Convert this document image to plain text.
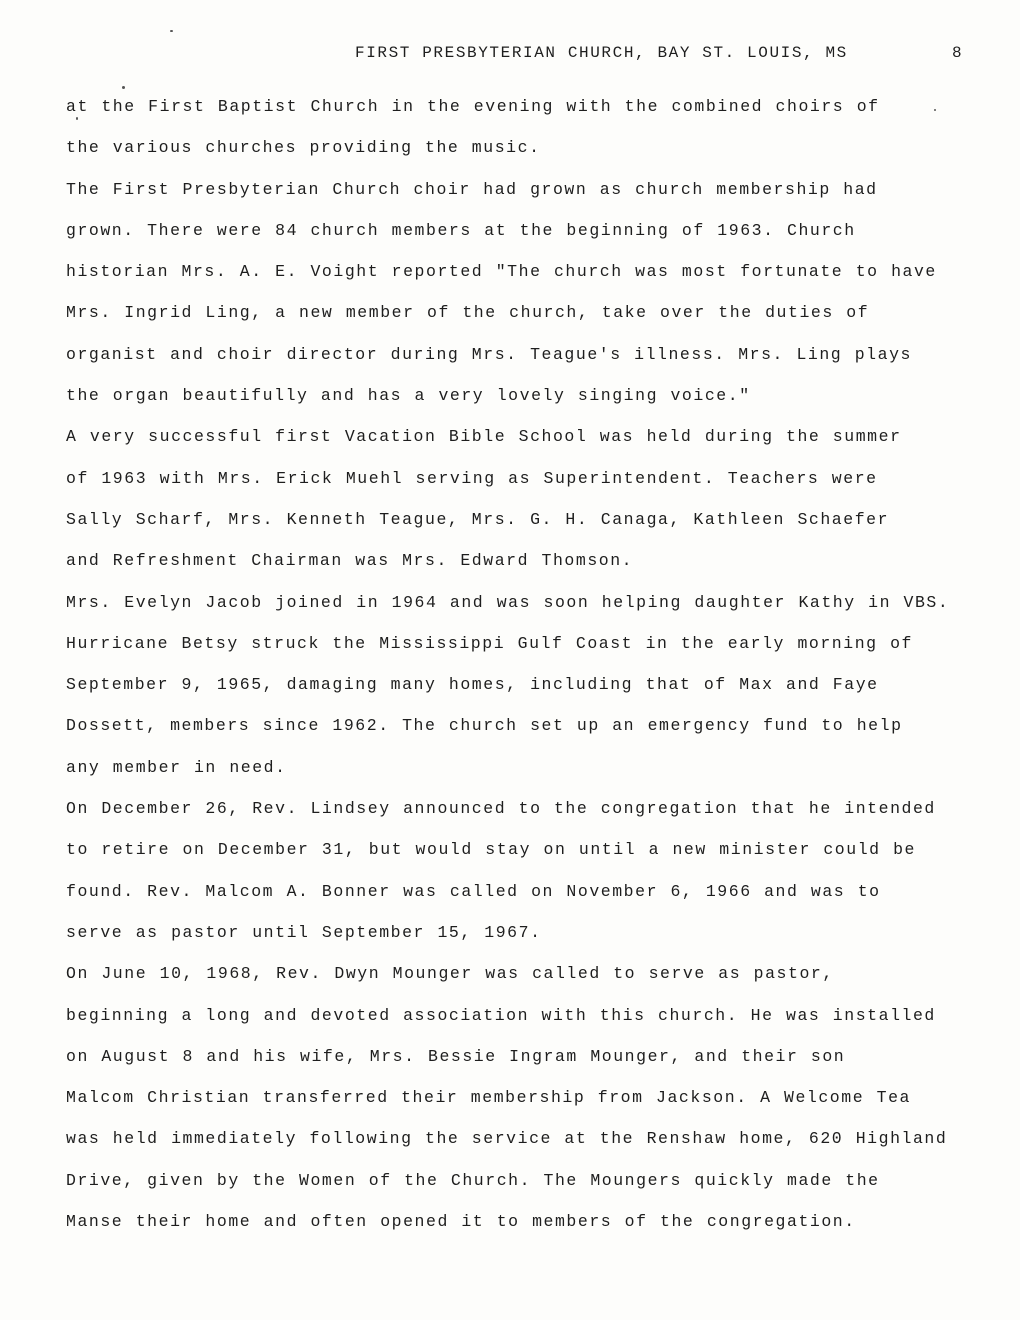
FIRST PRESBYTERIAN CHURCH, BAY ST. LOUIS, MS	8
at the First Baptist Church in the evening with the combined choirs of
the various churches providing the music.
The First Presbyterian Church choir had grown as church membership had
grown. There were 84 church members at the beginning of 1963. Church
historian Mrs. A. E. Voight reported "The church was most fortunate to have
Mrs. Ingrid Ling, a new member of the church, take over the duties of
organist and choir director during Mrs. Teague's illness. Mrs. Ling plays
the organ beautifully and has a very lovely singing voice."
A very successful first Vacation Bible School was held during the summer
of 1963 with Mrs. Erick Muehl serving as Superintendent. Teachers were
Sally Scharf, Mrs. Kenneth Teague, Mrs. G. H. Canaga, Kathleen Schaefer
and Refreshment Chairman was Mrs. Edward Thomson.
Mrs. Evelyn Jacob joined in 1964 and was soon helping daughter Kathy in VBS.
Hurricane Betsy struck the Mississippi Gulf Coast in the early morning of
September 9, 1965, damaging many homes, including that of Max and Faye
Dossett, members since 1962. The church set up an emergency fund to help
any member in need.
On December 26, Rev. Lindsey announced to the congregation that he intended
to retire on December 31, but would stay on until a new minister could be
found. Rev. Malcom A. Bonner was called on November 6, 1966 and was to
serve as pastor until September 15, 1967.
On June 10, 1968, Rev. Dwyn Mounger was called to serve as pastor,
beginning a long and devoted association with this church. He was installed
on August 8 and his wife, Mrs. Bessie Ingram Mounger, and their son
Malcom Christian transferred their membership from Jackson. A Welcome Tea
was held immediately following the service at the Renshaw home, 620 Highland
Drive, given by the Women of the Church. The Moungers quickly made the
Manse their home and often opened it to members of the congregation.
